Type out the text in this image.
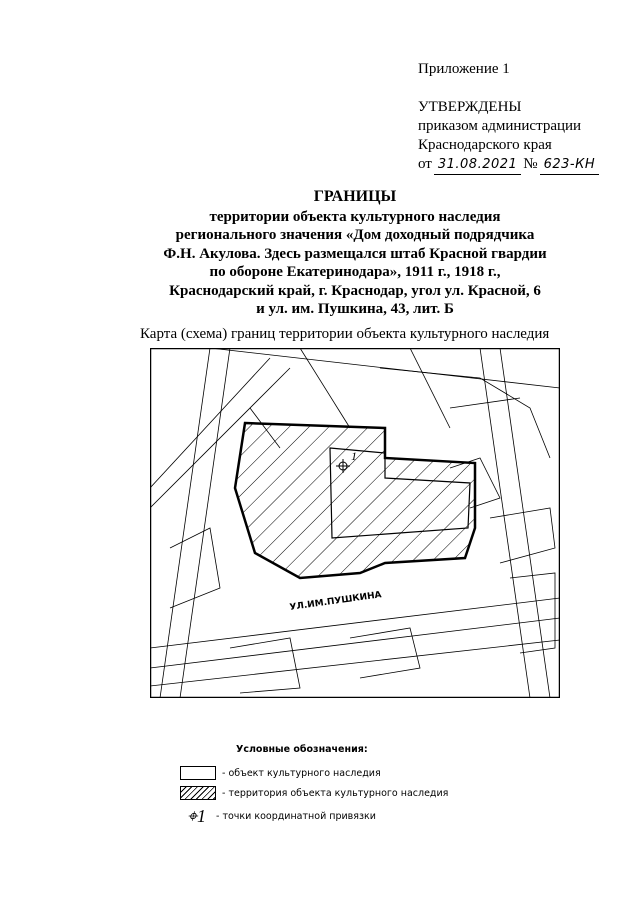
Приложение 1
УТВЕРЖДЕНЫ
приказом администрации
Краснодарского края
от 31.08.2021 № 623-КН
ГРАНИЦЫ
территории объекта культурного наследия
регионального значения «Дом доходный подрядчика
Ф.Н. Акулова. Здесь размещался штаб Красной гвардии
по обороне Екатеринодара», 1911 г., 1918 г.,
Краснодарский край, г. Краснодар, угол ул. Красной, 6
и ул. им. Пушкина, 43, лит. Б
Карта (схема) границ территории объекта культурного наследия
УЛ.ИМ.ПУШКИНА
1
Условные обозначения:
- объект культурного наследия
- территория объекта культурного наследия
⌖1 - точки координатной привязки
